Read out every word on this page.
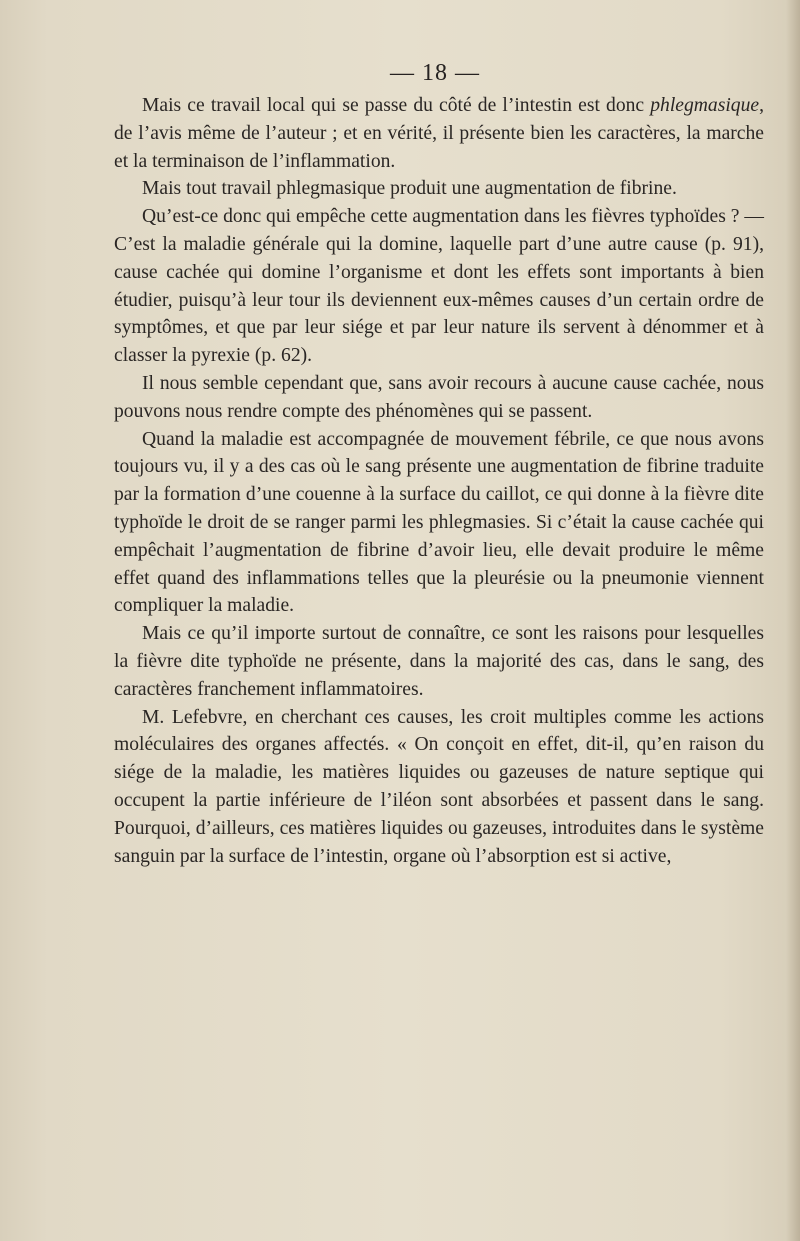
— 18 —

Mais ce travail local qui se passe du côté de l’intestin est donc phlegmasique, de l’avis même de l’auteur ; et en vérité, il présente bien les caractères, la marche et la terminaison de l’inflammation.

Mais tout travail phlegmasique produit une augmentation de fibrine.

Qu’est-ce donc qui empêche cette augmentation dans les fièvres typhoïdes ? — C’est la maladie générale qui la domine, laquelle part d’une autre cause (p. 91), cause cachée qui domine l’organisme et dont les effets sont importants à bien étudier, puisqu’à leur tour ils deviennent eux-mêmes causes d’un certain ordre de symptômes, et que par leur siége et par leur nature ils servent à dénommer et à classer la pyrexie (p. 62).

Il nous semble cependant que, sans avoir recours à aucune cause cachée, nous pouvons nous rendre compte des phénomènes qui se passent.

Quand la maladie est accompagnée de mouvement fébrile, ce que nous avons toujours vu, il y a des cas où le sang présente une augmentation de fibrine traduite par la formation d’une couenne à la surface du caillot, ce qui donne à la fièvre dite typhoïde le droit de se ranger parmi les phlegmasies. Si c’était la cause cachée qui empêchait l’augmentation de fibrine d’avoir lieu, elle devait produire le même effet quand des inflammations telles que la pleurésie ou la pneumonie viennent compliquer la maladie.

Mais ce qu’il importe surtout de connaître, ce sont les raisons pour lesquelles la fièvre dite typhoïde ne présente, dans la majorité des cas, dans le sang, des caractères franchement inflammatoires.

M. Lefebvre, en cherchant ces causes, les croit multiples comme les actions moléculaires des organes affectés. « On conçoit en effet, dit-il, qu’en raison du siége de la maladie, les matières liquides ou gazeuses de nature septique qui occupent la partie inférieure de l’iléon sont absorbées et passent dans le sang. Pourquoi, d’ailleurs, ces matières liquides ou gazeuses, introduites dans le système sanguin par la surface de l’intestin, organe où l’absorption est si active,
